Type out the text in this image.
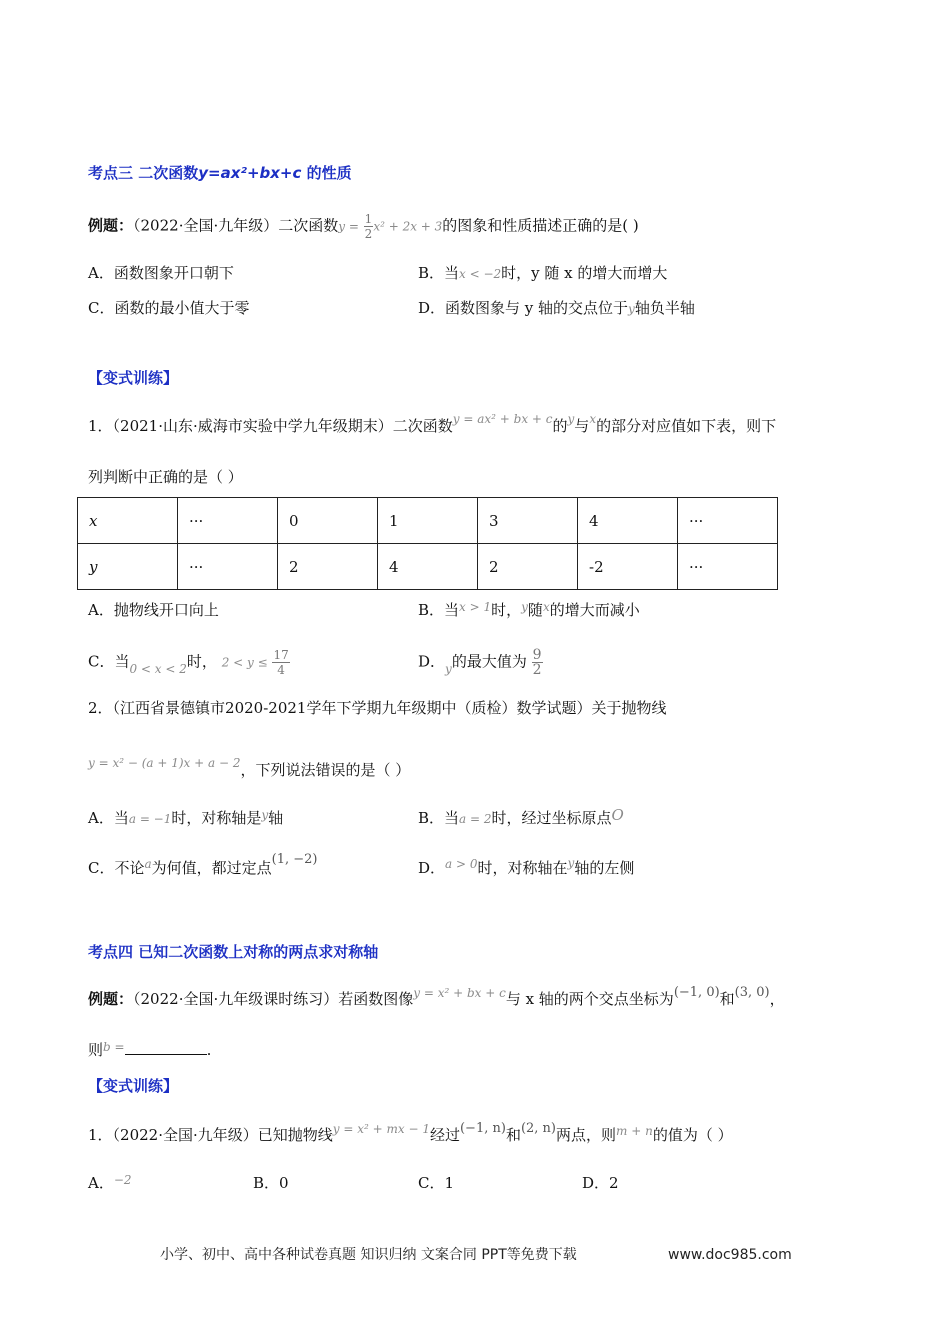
考点三 二次函数y=ax²+bx+c 的性质
例题：（2022·全国·九年级）二次函数$y = \frac{1}{2} x^2 + 2x + 3$的图象和性质描述正确的是( )
A．函数图象开口朝下	B．当x < −2时，y 随 x 的增大而增大
C．函数的最小值大于零	D．函数图象与 y 轴的交点位于y轴负半轴
【变式训练】
1．（2021·山东·威海市实验中学九年级期末）二次函数$^{y = ax^2 + bx + c}$的$^y$与$^x$的部分对应值如下表，则下
列判断中正确的是（ ）
x	···	0	1	3	4	···
y	···	2	4	2	-2	···
A．抛物线开口向上	B．当$^{x > 1}$时，$^y$随$^x$的增大而减小
C．当$_{0 < x < 2}$时， $2 < y \le \frac{17}{4}$	D．$_y$的最大值为 $\frac{9}{2}$
2．（江西省景德镇市2020-2021学年下学期九年级期中（质检）数学试题）关于抛物线
$^{y = x^2 - (a + 1)x + a - 2}$，下列说法错误的是（ ）
A．当a = −1时，对称轴是$^y$轴	B．当a = 2时，经过坐标原点O
C．不论$^a$为何值，都过定点(1, −2)	D．$^{a > 0}$时，对称轴在$^y$轴的左侧
考点四 已知二次函数上对称的两点求对称轴
例题：（2022·全国·九年级课时练习）若函数图像$^{y = x^2 + bx + c}$与 x 轴的两个交点坐标为(−1, 0)和(3, 0)，
则$^{b =}$	.
【变式训练】
1．（2022·全国·九年级）已知抛物线$^{y = x^2 + mx - 1}$经过(−1, n)和(2, n)两点，则$^{m + n}$的值为（ ）
A．$^{-2}$	B．0	C．1	D．2
小学、初中、高中各种试卷真题 知识归纳 文案合同 PPT等免费下载	www.doc985.com
